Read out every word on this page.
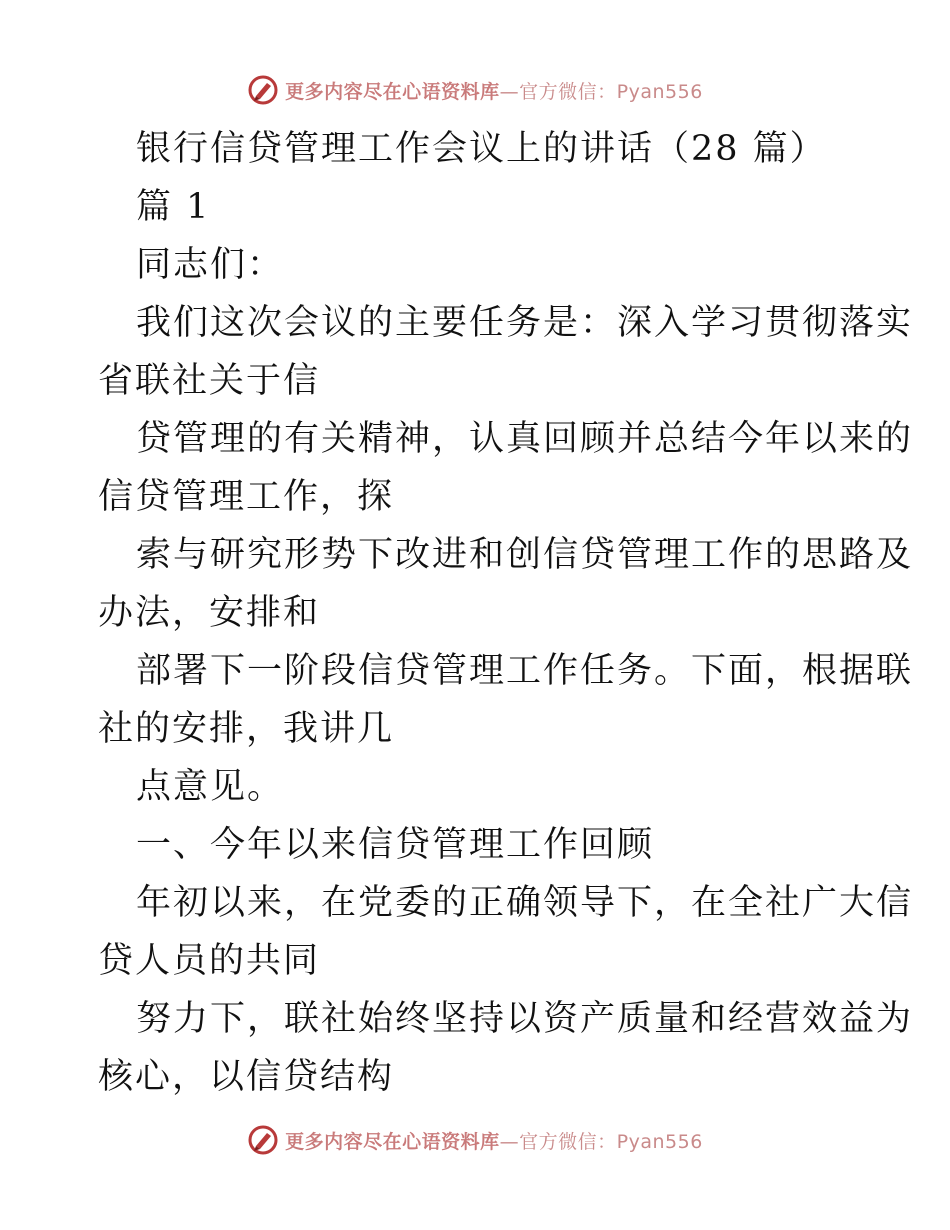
更多内容尽在心语资料库—官方微信：Pyan556
银行信贷管理工作会议上的讲话（28 篇）
篇 1
同志们：
我们这次会议的主要任务是：深入学习贯彻落实
省联社关于信
贷管理的有关精神，认真回顾并总结今年以来的
信贷管理工作，探
索与研究形势下改进和创信贷管理工作的思路及
办法，安排和
部署下一阶段信贷管理工作任务。下面，根据联
社的安排，我讲几
点意见。
一、今年以来信贷管理工作回顾
年初以来，在党委的正确领导下，在全社广大信
贷人员的共同
努力下，联社始终坚持以资产质量和经营效益为
核心，以信贷结构
更多内容尽在心语资料库—官方微信：Pyan556
